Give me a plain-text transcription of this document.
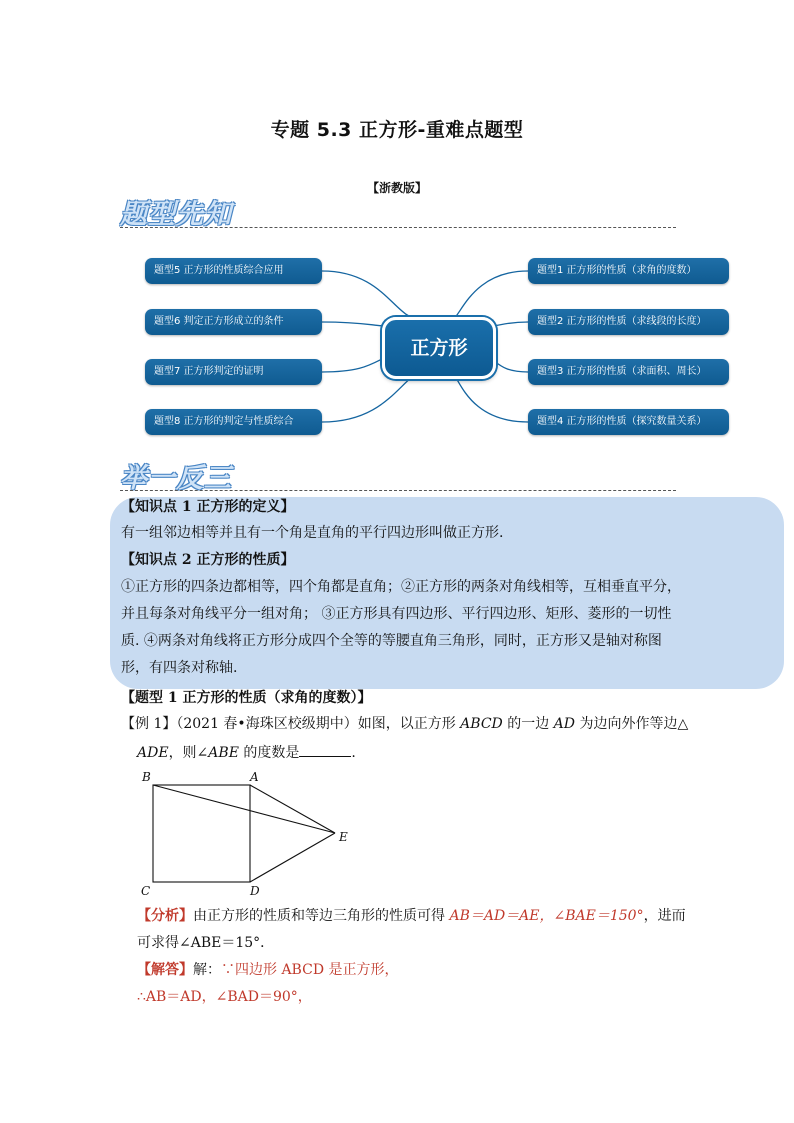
专题 5.3 正方形-重难点题型
【浙教版】
题型先知
题型5 正方形的性质综合应用
题型6 判定正方形成立的条件
题型7 正方形判定的证明
题型8 正方形的判定与性质综合
正方形
题型1 正方形的性质（求角的度数）
题型2 正方形的性质（求线段的长度）
题型3 正方形的性质（求面积、周长）
题型4 正方形的性质（探究数量关系）
举一反三
【知识点 1 正方形的定义】
有一组邻边相等并且有一个角是直角的平行四边形叫做正方形.
【知识点 2 正方形的性质】
①正方形的四条边都相等，四个角都是直角；②正方形的两条对角线相等，互相垂直平分，
并且每条对角线平分一组对角； ③正方形具有四边形、平行四边形、矩形、菱形的一切性
质. ④两条对角线将正方形分成四个全等的等腰直角三角形，同时，正方形又是轴对称图
形，有四条对称轴.
【题型 1 正方形的性质（求角的度数）】
【例 1】（2021 春•海珠区校级期中）如图，以正方形 ABCD 的一边 AD 为边向外作等边△
ADE，则∠ABE 的度数是	.
B	A
E
C	D
【分析】由正方形的性质和等边三角形的性质可得 AB＝AD＝AE，∠BAE＝150°，进而
可求得∠ABE＝15°．
【解答】解：∵四边形 ABCD 是正方形，
∴AB＝AD，∠BAD＝90°，
